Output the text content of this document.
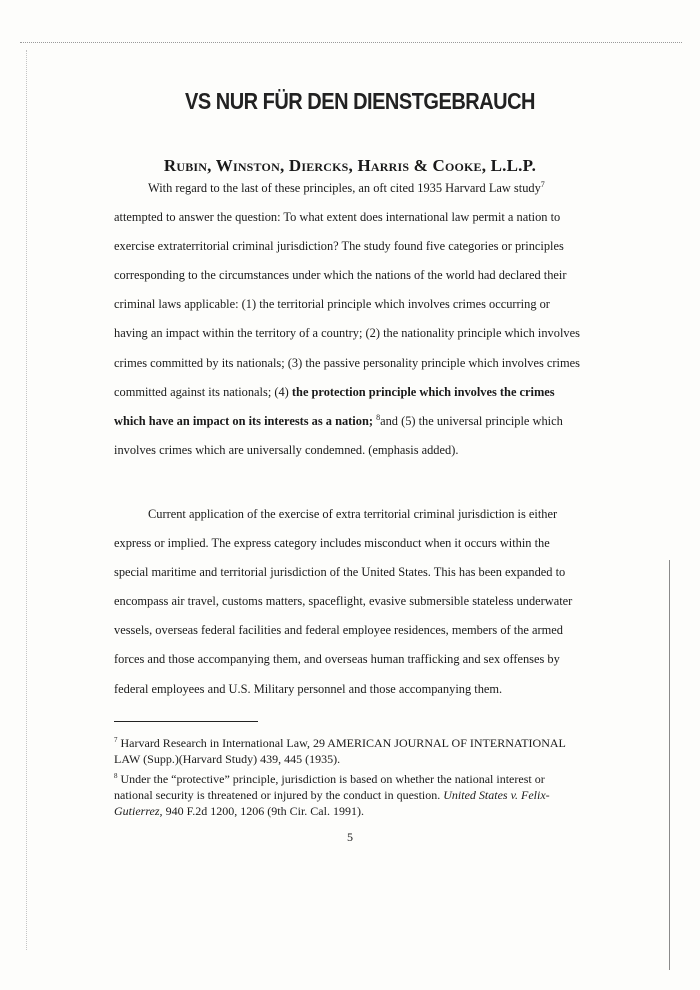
VS NUR FÜR DEN DIENSTGEBRAUCH
Rubin, Winston, Diercks, Harris & Cooke, L.L.P.

With regard to the last of these principles, an oft cited 1935 Harvard Law study$^7$ attempted to answer the question: To what extent does international law permit a nation to exercise extraterritorial criminal jurisdiction? The study found five categories or principles corresponding to the circumstances under which the nations of the world had declared their criminal laws applicable: (1) the territorial principle which involves crimes occurring or having an impact within the territory of a country; (2) the nationality principle which involves crimes committed by its nationals; (3) the passive personality principle which involves crimes committed against its nationals; (4) the protection principle which involves the crimes which have an impact on its interests as a nation; $^8$and (5) the universal principle which involves crimes which are universally condemned. (emphasis added).

Current application of the exercise of extra territorial criminal jurisdiction is either express or implied. The express category includes misconduct when it occurs within the special maritime and territorial jurisdiction of the United States. This has been expanded to encompass air travel, customs matters, spaceflight, evasive submersible stateless underwater vessels, overseas federal facilities and federal employee residences, members of the armed forces and those accompanying them, and overseas human trafficking and sex offenses by federal employees and U.S. Military personnel and those accompanying them.

$^7$ Harvard Research in International Law, 29 AMERICAN JOURNAL OF INTERNATIONAL LAW (Supp.)(Harvard Study) 439, 445 (1935).
$^8$ Under the “protective” principle, jurisdiction is based on whether the national interest or national security is threatened or injured by the conduct in question. United States v. Felix-Gutierrez, 940 F.2d 1200, 1206 (9th Cir. Cal. 1991).
5
